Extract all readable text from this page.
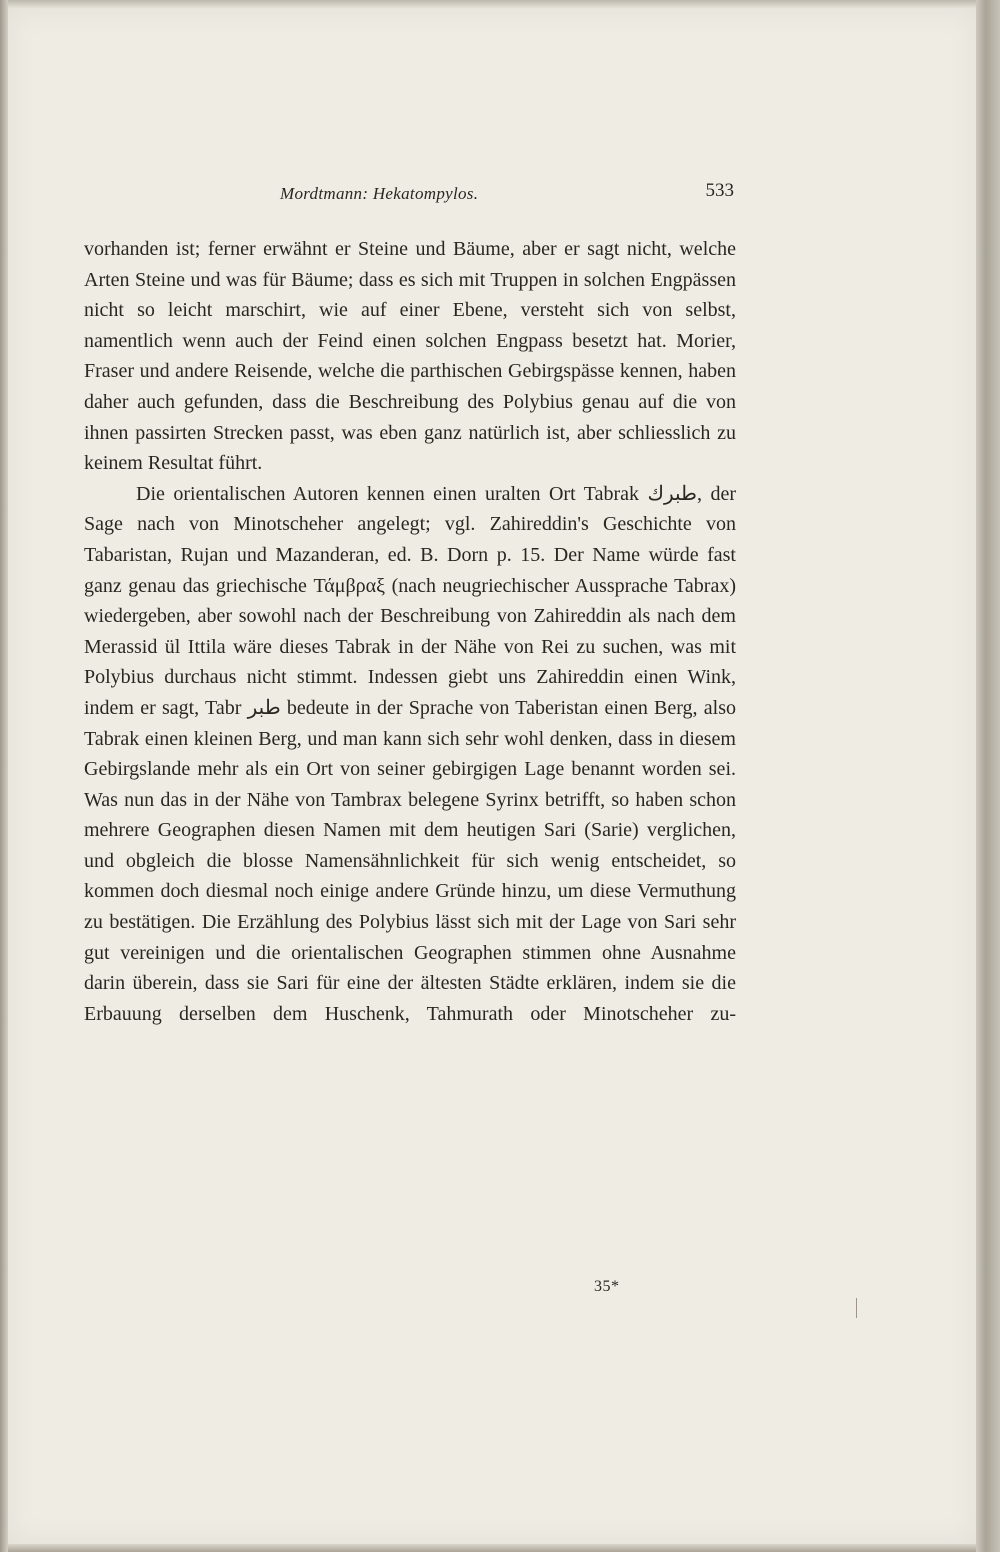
Mordtmann: Hekatompylos.	533

vorhanden ist; ferner erwähnt er Steine und Bäume, aber er sagt nicht, welche Arten Steine und was für Bäume; dass es sich mit Truppen in solchen Engpässen nicht so leicht marschirt, wie auf einer Ebene, versteht sich von selbst, namentlich wenn auch der Feind einen solchen Engpass besetzt hat. Morier, Fraser und andere Reisende, welche die parthischen Gebirgspässe kennen, haben daher auch gefunden, dass die Beschreibung des Polybius genau auf die von ihnen passirten Strecken passt, was eben ganz natürlich ist, aber schliesslich zu keinem Resultat führt.

Die orientalischen Autoren kennen einen uralten Ort Tabrak طبرك, der Sage nach von Minotscheher angelegt; vgl. Zahireddin's Geschichte von Tabaristan, Rujan und Mazanderan, ed. B. Dorn p. 15. Der Name würde fast ganz genau das griechische Τάμβραξ (nach neugriechischer Aussprache Tabrax) wiedergeben, aber sowohl nach der Beschreibung von Zahireddin als nach dem Merassid ül Ittila wäre dieses Tabrak in der Nähe von Rei zu suchen, was mit Polybius durchaus nicht stimmt. Indessen giebt uns Zahireddin einen Wink, indem er sagt, Tabr طبر bedeute in der Sprache von Taberistan einen Berg, also Tabrak einen kleinen Berg, und man kann sich sehr wohl denken, dass in diesem Gebirgslande mehr als ein Ort von seiner gebirgigen Lage benannt worden sei. Was nun das in der Nähe von Tambrax belegene Syrinx betrifft, so haben schon mehrere Geographen diesen Namen mit dem heutigen Sari (Sarie) verglichen, und obgleich die blosse Namensähnlichkeit für sich wenig entscheidet, so kommen doch diesmal noch einige andere Gründe hinzu, um diese Vermuthung zu bestätigen. Die Erzählung des Polybius lässt sich mit der Lage von Sari sehr gut vereinigen und die orientalischen Geographen stimmen ohne Ausnahme darin überein, dass sie Sari für eine der ältesten Städte erklären, indem sie die Erbauung derselben dem Huschenk, Tahmurath oder Minotscheher zu-

35*
